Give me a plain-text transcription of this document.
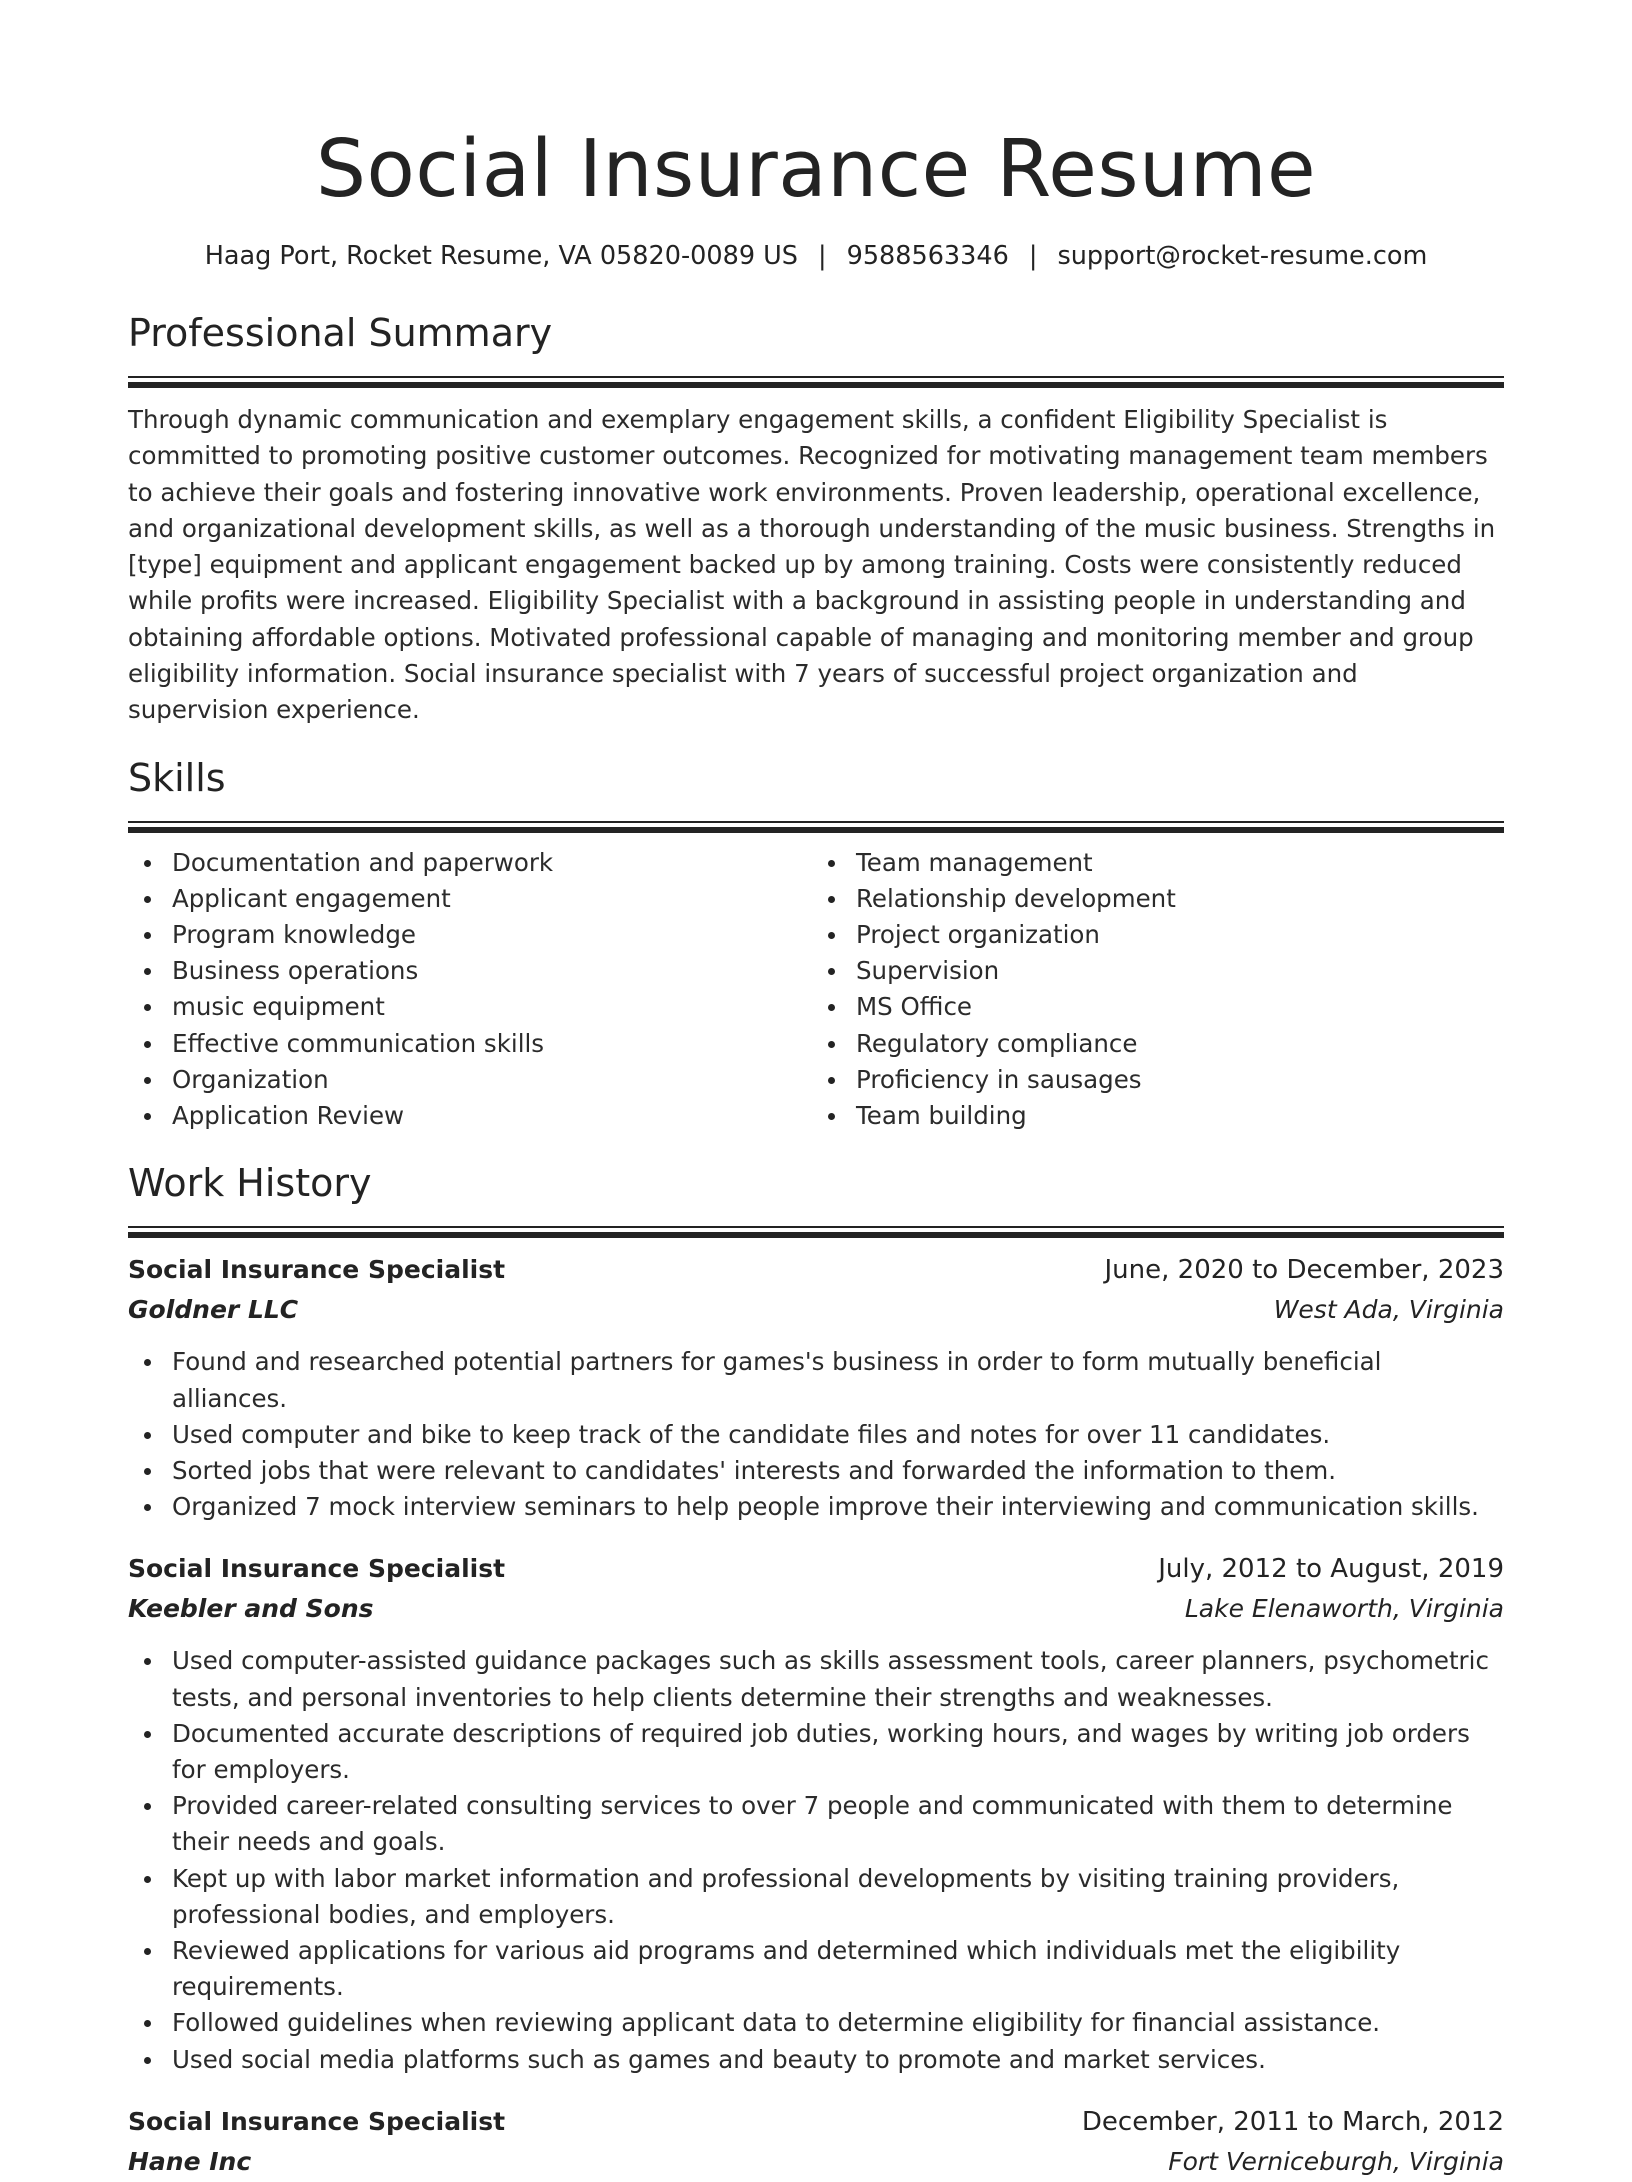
Social Insurance Resume
Haag Port, Rocket Resume, VA 05820-0089 US | 9588563346 | support@rocket-resume.com
Professional Summary

Through dynamic communication and exemplary engagement skills, a confident Eligibility Specialist is committed to promoting positive customer outcomes. Recognized for motivating management team members to achieve their goals and fostering innovative work environments. Proven leadership, operational excellence, and organizational development skills, as well as a thorough understanding of the music business. Strengths in [type] equipment and applicant engagement backed up by among training. Costs were consistently reduced while profits were increased. Eligibility Specialist with a background in assisting people in understanding and obtaining affordable options. Motivated professional capable of managing and monitoring member and group eligibility information. Social insurance specialist with 7 years of successful project organization and supervision experience.

Skills
Documentation and paperwork
Applicant engagement
Program knowledge
Business operations
music equipment
Effective communication skills
Organization
Application Review
Team management
Relationship development
Project organization
Supervision
MS Office
Regulatory compliance
Proficiency in sausages
Team building
Work History
Social Insurance Specialist	June, 2020 to December, 2023
Goldner LLC	West Ada, Virginia
Found and researched potential partners for games's business in order to form mutually beneficial alliances.
Used computer and bike to keep track of the candidate files and notes for over 11 candidates.
Sorted jobs that were relevant to candidates' interests and forwarded the information to them.
Organized 7 mock interview seminars to help people improve their interviewing and communication skills.
Social Insurance Specialist	July, 2012 to August, 2019
Keebler and Sons	Lake Elenaworth, Virginia
Used computer-assisted guidance packages such as skills assessment tools, career planners, psychometric tests, and personal inventories to help clients determine their strengths and weaknesses.
Documented accurate descriptions of required job duties, working hours, and wages by writing job orders for employers.
Provided career-related consulting services to over 7 people and communicated with them to determine their needs and goals.
Kept up with labor market information and professional developments by visiting training providers, professional bodies, and employers.
Reviewed applications for various aid programs and determined which individuals met the eligibility requirements.
Followed guidelines when reviewing applicant data to determine eligibility for financial assistance.
Used social media platforms such as games and beauty to promote and market services.
Social Insurance Specialist	December, 2011 to March, 2012
Hane Inc	Fort Verniceburgh, Virginia
